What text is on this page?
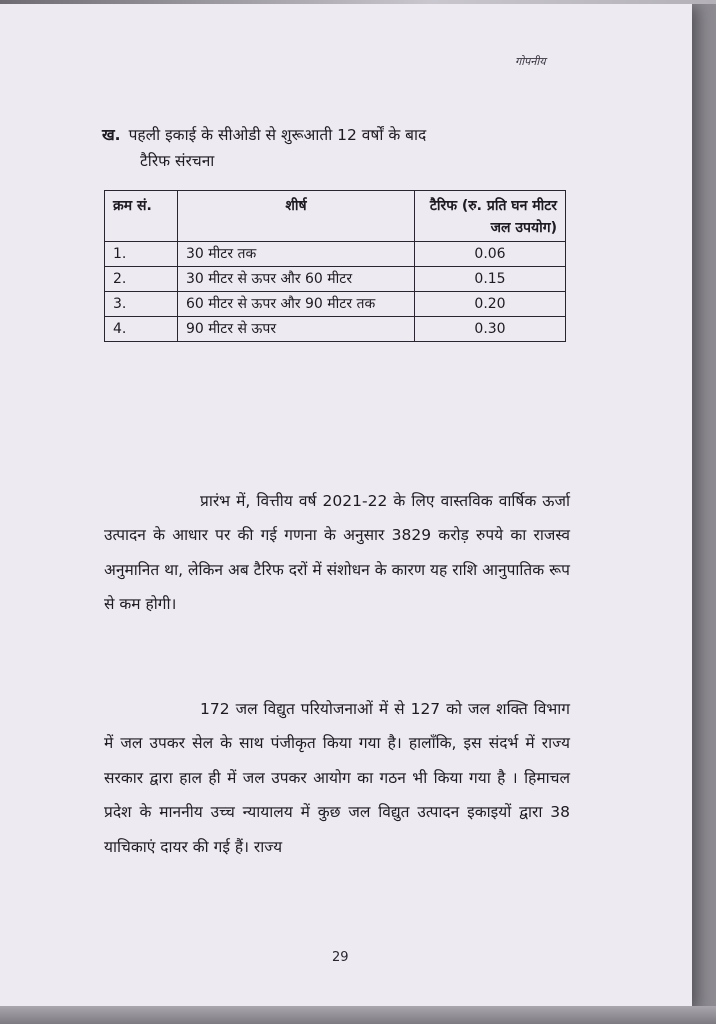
गोपनीय
ख. पहली इकाई के सीओडी से शुरूआती 12 वर्षों के बाद
टैरिफ संरचना
क्रम सं.	शीर्ष	टैरिफ (रु. प्रति घन मीटर जल उपयोग)
1.	30 मीटर तक	0.06
2.	30 मीटर से ऊपर और 60 मीटर	0.15
3.	60 मीटर से ऊपर और 90 मीटर तक	0.20
4.	90 मीटर से ऊपर	0.30

प्रारंभ में, वित्तीय वर्ष 2021-22 के लिए वास्तविक वार्षिक ऊर्जा उत्पादन के आधार पर की गई गणना के अनुसार 3829 करोड़ रुपये का राजस्व अनुमानित था, लेकिन अब टैरिफ दरों में संशोधन के कारण यह राशि आनुपातिक रूप से कम होगी।

172 जल विद्युत परियोजनाओं में से 127 को जल शक्ति विभाग में जल उपकर सेल के साथ पंजीकृत किया गया है। हालाँकि, इस संदर्भ में राज्य सरकार द्वारा हाल ही में जल उपकर आयोग का गठन भी किया गया है । हिमाचल प्रदेश के माननीय उच्च न्यायालय में कुछ जल विद्युत उत्पादन इकाइयों द्वारा 38 याचिकाएं दायर की गई हैं। राज्य

29
